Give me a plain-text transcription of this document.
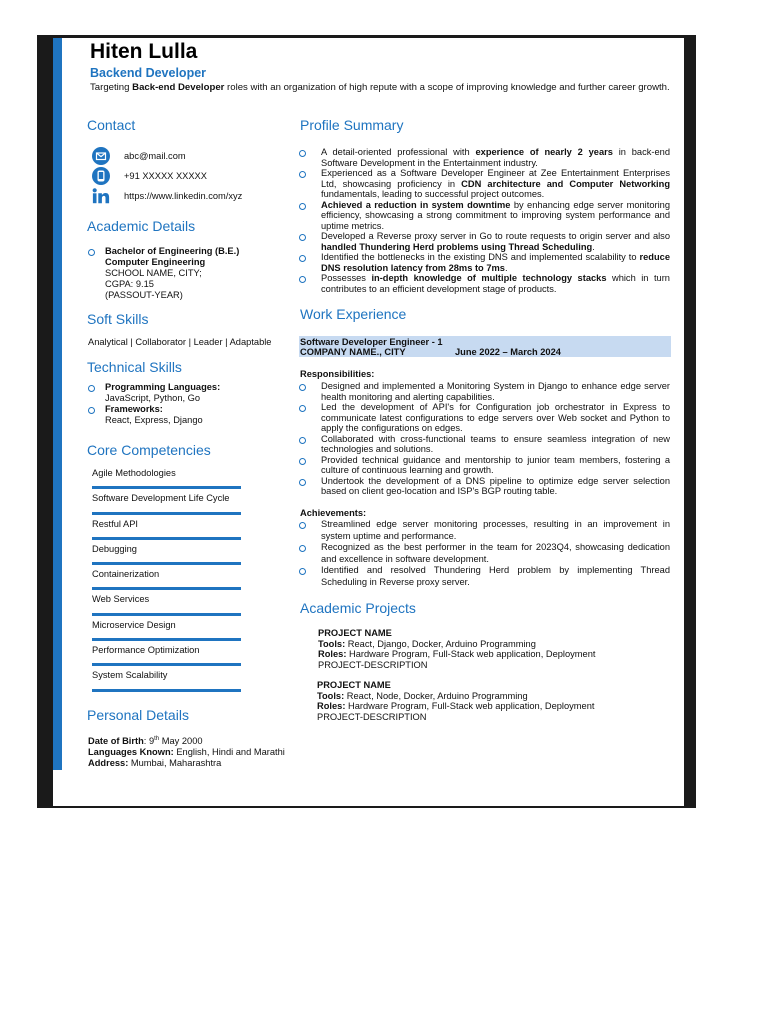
Hiten Lulla
Backend Developer
Targeting Back-end Developer roles with an organization of high repute with a scope of improving knowledge and further career growth.
Contact
abc@mail.com
+91 XXXXX XXXXX
https://www.linkedin.com/xyz
Academic Details
Bachelor of Engineering (B.E.)
Computer Engineering
SCHOOL NAME, CITY;
CGPA: 9.15
(PASSOUT-YEAR)
Soft Skills
Analytical | Collaborator | Leader | Adaptable
Technical Skills
Programming Languages:
JavaScript, Python, Go
Frameworks:
React, Express, Django
Core Competencies
Agile Methodologies
Software Development Life Cycle
Restful API
Debugging
Containerization
Web Services
Microservice Design
Performance Optimization
System Scalability
Personal Details
Date of Birth: 9th May 2000
Languages Known: English, Hindi and Marathi
Address: Mumbai, Maharashtra
Profile Summary
A detail-oriented professional with experience of nearly 2 years in back-end Software Development in the Entertainment industry.
Experienced as a Software Developer Engineer at Zee Entertainment Enterprises Ltd, showcasing proficiency in CDN architecture and Computer Networking fundamentals, leading to successful project outcomes.
Achieved a reduction in system downtime by enhancing edge server monitoring efficiency, showcasing a strong commitment to improving system performance and uptime metrics.
Developed a Reverse proxy server in Go to route requests to origin server and also handled Thundering Herd problems using Thread Scheduling.
Identified the bottlenecks in the existing DNS and implemented scalability to reduce DNS resolution latency from 28ms to 7ms.
Possesses in-depth knowledge of multiple technology stacks which in turn contributes to an efficient development stage of products.
Work Experience
Software Developer Engineer - 1
COMPANY NAME., CITY	June 2022 – March 2024
Responsibilities:
Designed and implemented a Monitoring System in Django to enhance edge server health monitoring and alerting capabilities.
Led the development of API's for Configuration job orchestrator in Express to communicate latest configurations to edge servers over Web socket and Python to apply the configurations on edges.
Collaborated with cross-functional teams to ensure seamless integration of new technologies and solutions.
Provided technical guidance and mentorship to junior team members, fostering a culture of continuous learning and growth.
Undertook the development of a DNS pipeline to optimize edge server selection based on client geo-location and ISP's BGP routing table.
Achievements:
Streamlined edge server monitoring processes, resulting in an improvement in system uptime and performance.
Recognized as the best performer in the team for 2023Q4, showcasing dedication and excellence in software development.
Identified and resolved Thundering Herd problem by implementing Thread Scheduling in Reverse proxy server.
Academic Projects
PROJECT NAME
Tools: React, Django, Docker, Arduino Programming
Roles: Hardware Program, Full-Stack web application, Deployment
PROJECT-DESCRIPTION
PROJECT NAME
Tools: React, Node, Docker, Arduino Programming
Roles: Hardware Program, Full-Stack web application, Deployment
PROJECT-DESCRIPTION
